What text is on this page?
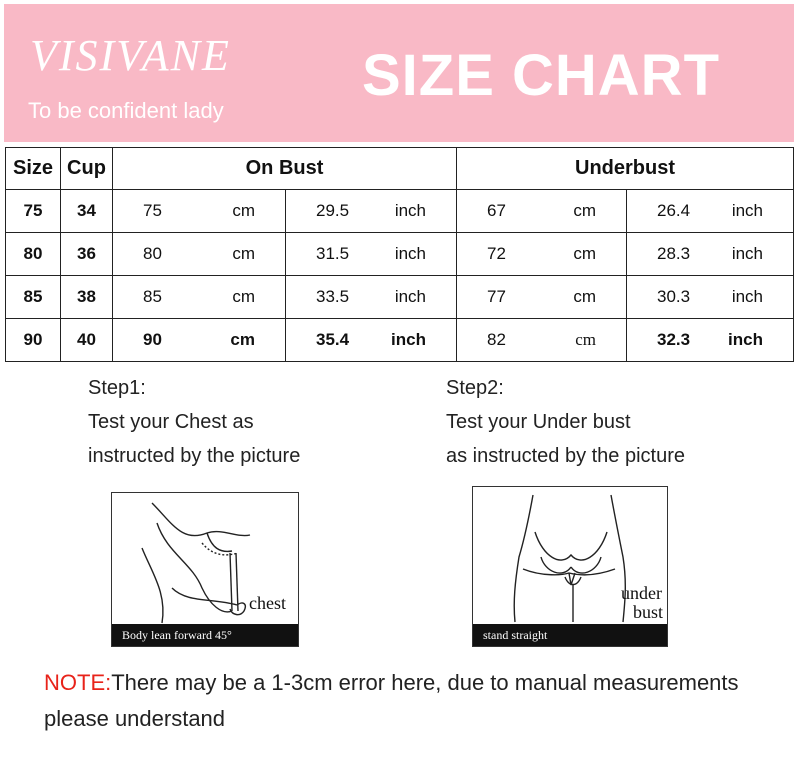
VISIVANE
To be confident lady
SIZE CHART
Size	Cup	On Bust		Underbust	
75	34	75 cm	29.5 inch	67 cm	26.4 inch

80	36	80 cm	31.5 inch	72 cm	28.3 inch

85	38	85 cm	33.5 inch	77 cm	30.3 inch

90	40	90 cm	35.4 inch	82 cm	32.3 inch
Step1:
Test your Chest as
instructed by the picture
Step2:
Test your Under bust
as instructed by the picture
chest
Body lean forward 45°
under
bust
stand straight
NOTE:There may be a 1-3cm error here, due to manual measurements please understand
